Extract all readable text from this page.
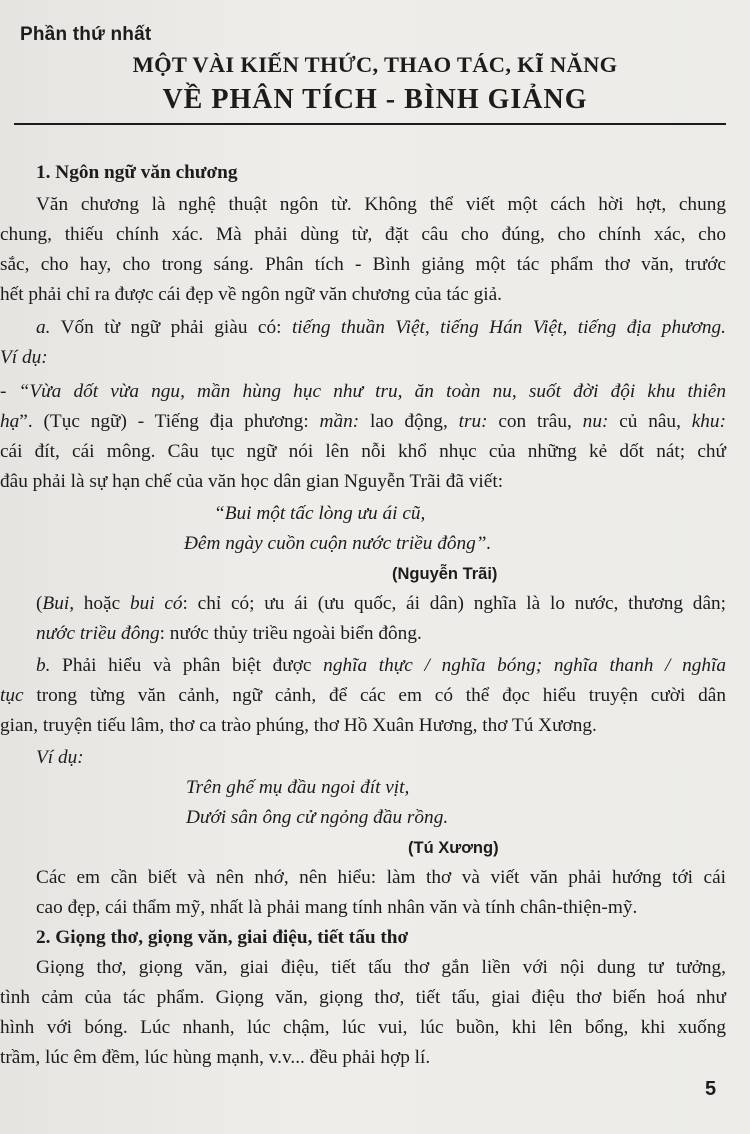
Phần thứ nhất
MỘT VÀI KIẾN THỨC, THAO TÁC, KĨ NĂNG
VỀ PHÂN TÍCH - BÌNH GIẢNG
1. Ngôn ngữ văn chương
Văn chương là nghệ thuật ngôn từ. Không thể viết một cách hời hợt, chung
chung, thiếu chính xác. Mà phải dùng từ, đặt câu cho đúng, cho chính xác, cho
sắc, cho hay, cho trong sáng. Phân tích - Bình giảng một tác phẩm thơ văn, trước
hết phải chỉ ra được cái đẹp về ngôn ngữ văn chương của tác giả.
a. Vốn từ ngữ phải giàu có: tiếng thuần Việt, tiếng Hán Việt, tiếng địa phương.
Ví dụ:
- “Vừa dốt vừa ngu, mần hùng hục như tru, ăn toàn nu, suốt đời đội khu thiên
hạ”. (Tục ngữ) - Tiếng địa phương: mần: lao động, tru: con trâu, nu: củ nâu, khu:
cái đít, cái mông. Câu tục ngữ nói lên nỗi khổ nhục của những kẻ dốt nát; chứ
đâu phải là sự hạn chế của văn học dân gian Nguyễn Trãi đã viết:
“Bui một tấc lòng ưu ái cũ,
Đêm ngày cuồn cuộn nước triều đông”.
(Nguyễn Trãi)
(Bui, hoặc bui có: chỉ có; ưu ái (ưu quốc, ái dân) nghĩa là lo nước, thương dân;
nước triều đông: nước thủy triều ngoài biển đông.
b. Phải hiểu và phân biệt được nghĩa thực / nghĩa bóng; nghĩa thanh / nghĩa
tục trong từng văn cảnh, ngữ cảnh, để các em có thể đọc hiểu truyện cười dân
gian, truyện tiếu lâm, thơ ca trào phúng, thơ Hồ Xuân Hương, thơ Tú Xương.
Ví dụ:
Trên ghế mụ đầu ngoi đít vịt,
Dưới sân ông cử ngỏng đầu rồng.
(Tú Xương)
Các em cần biết và nên nhớ, nên hiểu: làm thơ và viết văn phải hướng tới cái
cao đẹp, cái thẩm mỹ, nhất là phải mang tính nhân văn và tính chân-thiện-mỹ.
2. Giọng thơ, giọng văn, giai điệu, tiết tấu thơ
Giọng thơ, giọng văn, giai điệu, tiết tấu thơ gắn liền với nội dung tư tưởng,
tình cảm của tác phẩm. Giọng văn, giọng thơ, tiết tấu, giai điệu thơ biến hoá như
hình với bóng. Lúc nhanh, lúc chậm, lúc vui, lúc buồn, khi lên bổng, khi xuống
trầm, lúc êm đềm, lúc hùng mạnh, v.v... đều phải hợp lí.
5
